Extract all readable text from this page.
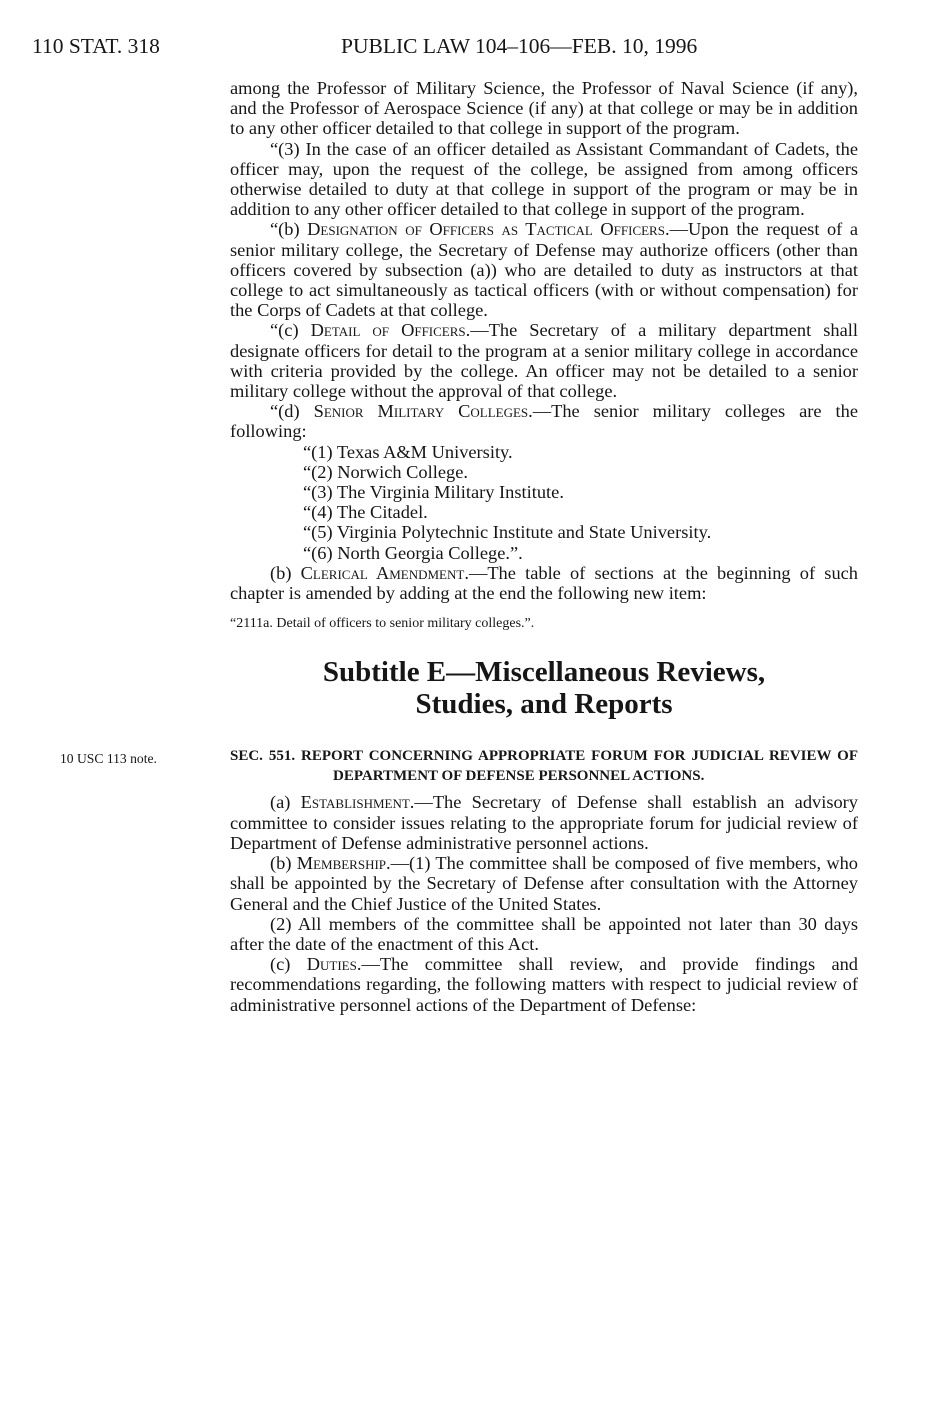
110 STAT. 318	PUBLIC LAW 104–106—FEB. 10, 1996

among the Professor of Military Science, the Professor of Naval Science (if any), and the Professor of Aerospace Science (if any) at that college or may be in addition to any other officer detailed to that college in support of the program.

“(3) In the case of an officer detailed as Assistant Commandant of Cadets, the officer may, upon the request of the college, be assigned from among officers otherwise detailed to duty at that college in support of the program or may be in addition to any other officer detailed to that college in support of the program.

“(b) Designation of Officers as Tactical Officers.—Upon the request of a senior military college, the Secretary of Defense may authorize officers (other than officers covered by subsection (a)) who are detailed to duty as instructors at that college to act simultaneously as tactical officers (with or without compensation) for the Corps of Cadets at that college.

“(c) Detail of Officers.—The Secretary of a military department shall designate officers for detail to the program at a senior military college in accordance with criteria provided by the college. An officer may not be detailed to a senior military college without the approval of that college.

“(d) Senior Military Colleges.—The senior military colleges are the following:

“(1) Texas A&M University.

“(2) Norwich College.

“(3) The Virginia Military Institute.

“(4) The Citadel.

“(5) Virginia Polytechnic Institute and State University.

“(6) North Georgia College.”.

(b) Clerical Amendment.—The table of sections at the beginning of such chapter is amended by adding at the end the following new item:

“2111a. Detail of officers to senior military colleges.”.

Subtitle E—Miscellaneous Reviews,
Studies, and Reports

10 USC 113 note.	SEC. 551. REPORT CONCERNING APPROPRIATE FORUM FOR JUDICIAL REVIEW OF DEPARTMENT OF DEFENSE PERSONNEL ACTIONS.

(a) Establishment.—The Secretary of Defense shall establish an advisory committee to consider issues relating to the appropriate forum for judicial review of Department of Defense administrative personnel actions.

(b) Membership.—(1) The committee shall be composed of five members, who shall be appointed by the Secretary of Defense after consultation with the Attorney General and the Chief Justice of the United States.

(2) All members of the committee shall be appointed not later than 30 days after the date of the enactment of this Act.

(c) Duties.—The committee shall review, and provide findings and recommendations regarding, the following matters with respect to judicial review of administrative personnel actions of the Department of Defense:
